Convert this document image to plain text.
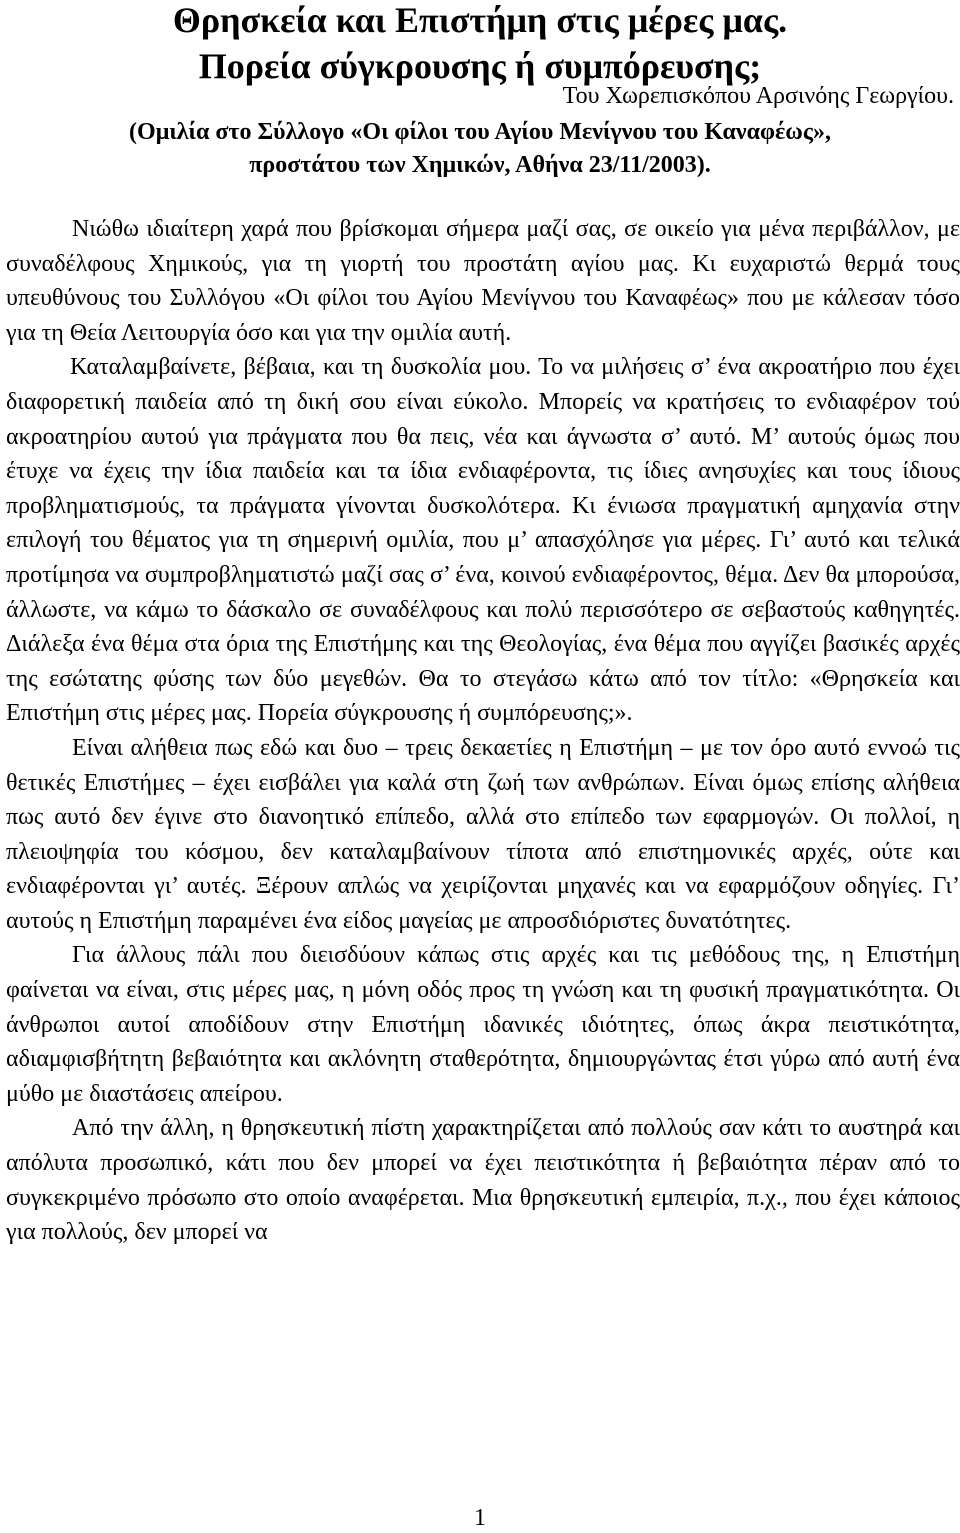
Θρησκεία και Επιστήμη στις μέρες μας.
Πορεία σύγκρουσης ή συμπόρευσης;

Του Χωρεπισκόπου Αρσινόης Γεωργίου.

(Ομιλία στο Σύλλογο «Οι φίλοι του Αγίου Μενίγνου του Καναφέως»,
προστάτου των Χημικών, Αθήνα 23/11/2003).

Νιώθω ιδιαίτερη χαρά που βρίσκομαι σήμερα μαζί σας, σε οικείο για μένα περιβάλλον, με συναδέλφους Χημικούς, για τη γιορτή του προστάτη αγίου μας. Κι ευχαριστώ θερμά τους υπευθύνους του Συλλόγου «Οι φίλοι του Αγίου Μενίγνου του Καναφέως» που με κάλεσαν τόσο για τη Θεία Λειτουργία όσο και για την ομιλία αυτή.

Καταλαμβαίνετε, βέβαια, και τη δυσκολία μου. Το να μιλήσεις σ’ ένα ακροατήριο που έχει διαφορετική παιδεία από τη δική σου είναι εύκολο. Μπορείς να κρατήσεις το ενδιαφέρον τού ακροατηρίου αυτού για πράγματα που θα πεις, νέα και άγνωστα σ’ αυτό. Μ’ αυτούς όμως που έτυχε να έχεις την ίδια παιδεία και τα ίδια ενδιαφέροντα, τις ίδιες ανησυχίες και τους ίδιους προβληματισμούς, τα πράγματα γίνονται δυσκολότερα. Κι ένιωσα πραγματική αμηχανία στην επιλογή του θέματος για τη σημερινή ομιλία, που μ’ απασχόλησε για μέρες. Γι’ αυτό και τελικά προτίμησα να συμπροβληματιστώ μαζί σας σ’ ένα, κοινού ενδιαφέροντος, θέμα. Δεν θα μπορούσα, άλλωστε, να κάμω το δάσκαλο σε συναδέλφους και πολύ περισσότερο σε σεβαστούς καθηγητές. Διάλεξα ένα θέμα στα όρια της Επιστήμης και της Θεολογίας, ένα θέμα που αγγίζει βασικές αρχές της εσώτατης φύσης των δύο μεγεθών. Θα το στεγάσω κάτω από τον τίτλο: «Θρησκεία και Επιστήμη στις μέρες μας. Πορεία σύγκρουσης ή συμπόρευσης;».

Είναι αλήθεια πως εδώ και δυο – τρεις δεκαετίες η Επιστήμη – με τον όρο αυτό εννοώ τις θετικές Επιστήμες – έχει εισβάλει για καλά στη ζωή των ανθρώπων. Είναι όμως επίσης αλήθεια πως αυτό δεν έγινε στο διανοητικό επίπεδο, αλλά στο επίπεδο των εφαρμογών. Οι πολλοί, η πλειοψηφία του κόσμου, δεν καταλαμβαίνουν τίποτα από επιστημονικές αρχές, ούτε και ενδιαφέρονται γι’ αυτές. Ξέρουν απλώς να χειρίζονται μηχανές και να εφαρμόζουν οδηγίες. Γι’ αυτούς η Επιστήμη παραμένει ένα είδος μαγείας με απροσδιόριστες δυνατότητες.

Για άλλους πάλι που διεισδύουν κάπως στις αρχές και τις μεθόδους της, η Επιστήμη φαίνεται να είναι, στις μέρες μας, η μόνη οδός προς τη γνώση και τη φυσική πραγματικότητα. Οι άνθρωποι αυτοί αποδίδουν στην Επιστήμη ιδανικές ιδιότητες, όπως άκρα πειστικότητα, αδιαμφισβήτητη βεβαιότητα και ακλόνητη σταθερότητα, δημιουργώντας έτσι γύρω από αυτή ένα μύθο με διαστάσεις απείρου.

Από την άλλη, η θρησκευτική πίστη χαρακτηρίζεται από πολλούς σαν κάτι το αυστηρά και απόλυτα προσωπικό, κάτι που δεν μπορεί να έχει πειστικότητα ή βεβαιότητα πέραν από το συγκεκριμένο πρόσωπο στο οποίο αναφέρεται. Μια θρησκευτική εμπειρία, π.χ., που έχει κάποιος για πολλούς, δεν μπορεί να

1
